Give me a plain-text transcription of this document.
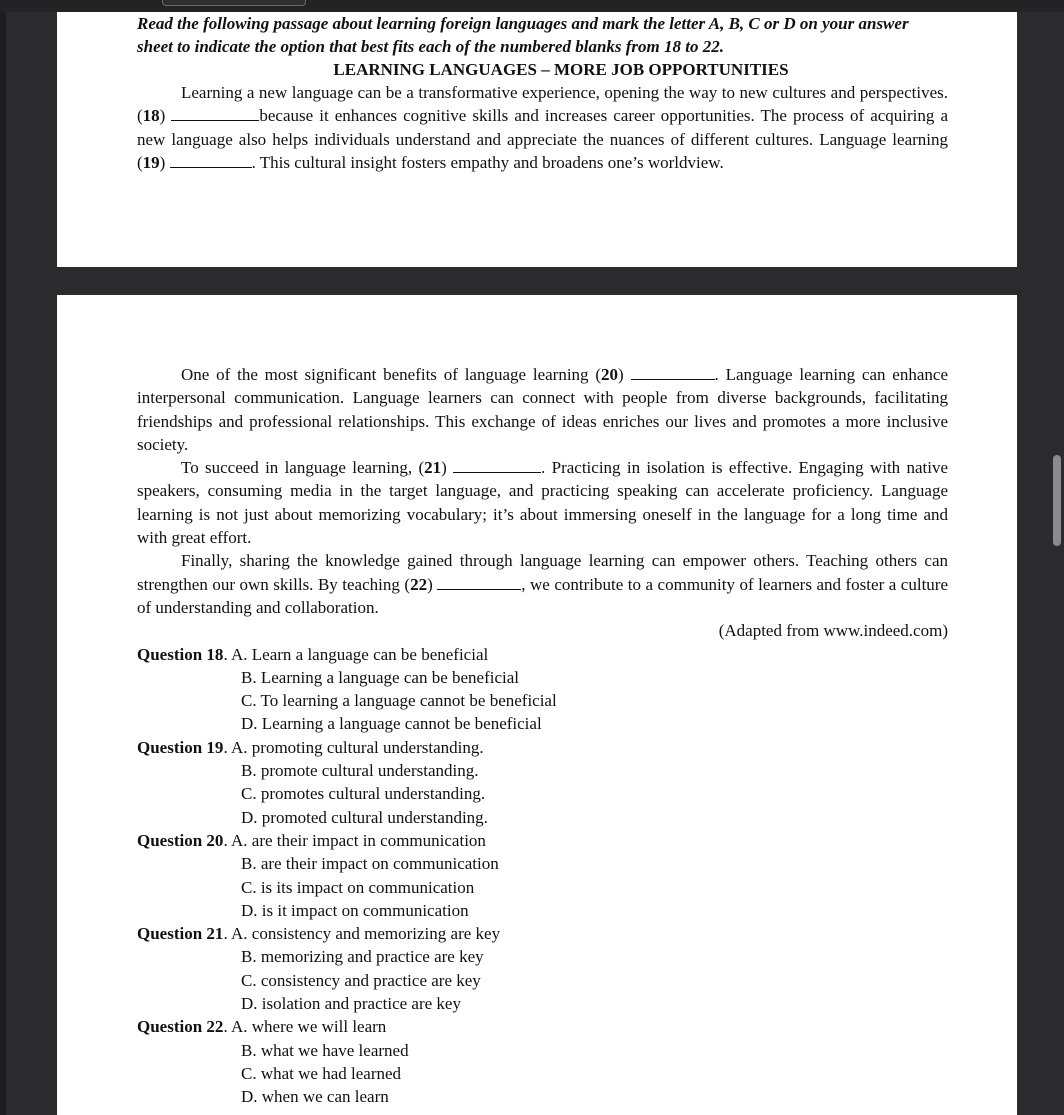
Read the following passage about learning foreign languages and mark the letter A, B, C or D on your answer sheet to indicate the option that best fits each of the numbered blanks from 18 to 22.

LEARNING LANGUAGES – MORE JOB OPPORTUNITIES

Learning a new language can be a transformative experience, opening the way to new cultures and perspectives. (18)	because it enhances cognitive skills and increases career opportunities. The process of acquiring a new language also helps individuals understand and appreciate the nuances of different cultures. Language learning (19)	. This cultural insight fosters empathy and broadens one’s worldview.

One of the most significant benefits of language learning (20)	. Language learning can enhance interpersonal communication. Language learners can connect with people from diverse backgrounds, facilitating friendships and professional relationships. This exchange of ideas enriches our lives and promotes a more inclusive society.

To succeed in language learning, (21)	. Practicing in isolation is effective. Engaging with native speakers, consuming media in the target language, and practicing speaking can accelerate proficiency. Language learning is not just about memorizing vocabulary; it’s about immersing oneself in the language for a long time and with great effort.

Finally, sharing the knowledge gained through language learning can empower others. Teaching others can strengthen our own skills. By teaching (22)	, we contribute to a community of learners and foster a culture of understanding and collaboration.

(Adapted from www.indeed.com)

Question 18. A. Learn a language can be beneficial

B. Learning a language can be beneficial

C. To learning a language cannot be beneficial

D. Learning a language cannot be beneficial

Question 19. A. promoting cultural understanding.

B. promote cultural understanding.

C. promotes cultural understanding.

D. promoted cultural understanding.

Question 20. A. are their impact in communication

B. are their impact on communication

C. is its impact on communication

D. is it impact on communication

Question 21. A. consistency and memorizing are key

B. memorizing and practice are key

C. consistency and practice are key

D. isolation and practice are key

Question 22. A. where we will learn

B. what we have learned

C. what we had learned

D. when we can learn
